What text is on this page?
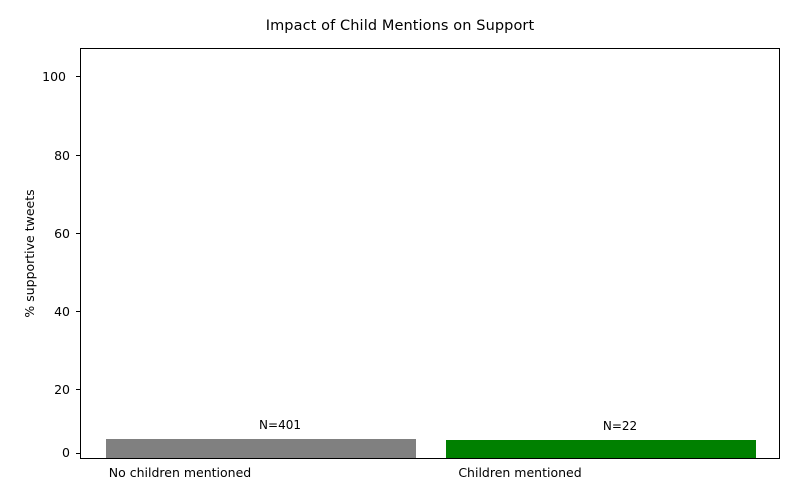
Impact of Child Mentions on Support
% supportive tweets
0
20
40
60
80
100
N=401	N=22
No children mentioned	Children mentioned
